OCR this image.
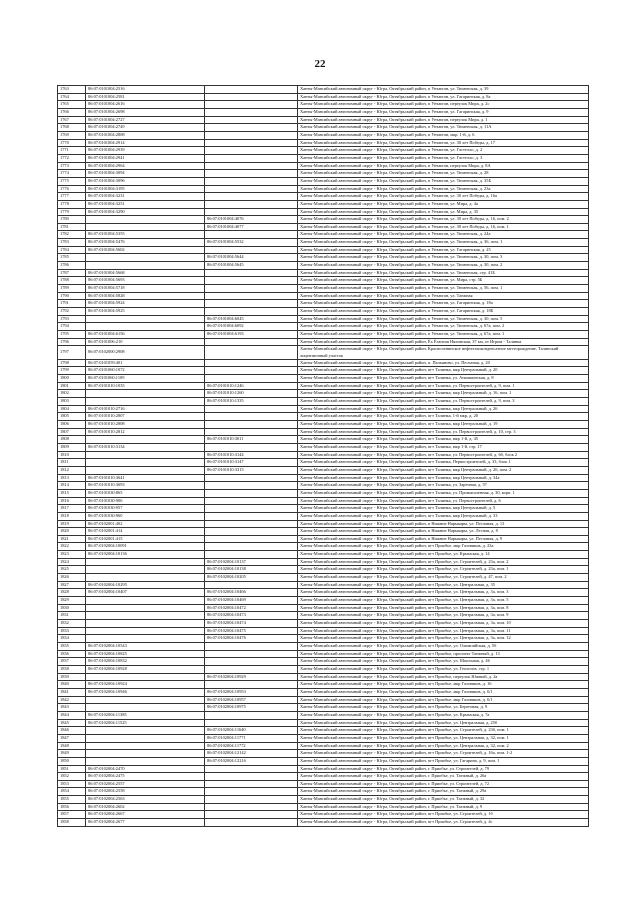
22
1763	86:07:0101004:2516		Ханты-Мансийский автономный округ - Югра, Октябрьский район, п Унъюган, ул. Тюменская, д. 39
1764	86:07:0101004:2581		Ханты-Мансийский автономный округ - Югра, Октябрьский район, п Унъюган, ул. Гагаринская, д. 8а
1765	86:07:0101004:2616		Ханты-Мансийский автономный округ - Югра, Октябрьский район, п Унъюган, переулок Мира, д. 2с
1766	86:07:0101004:2698		Ханты-Мансийский автономный округ - Югра, Октябрьский район, п Унъюган, ул. Гагаринская, д. 9
1767	86:07:0101004:2727		Ханты-Мансийский автономный округ - Югра, Октябрьский район, п Унъюган, переулок Мира, д. 1
1768	86:07:0101004:2749		Ханты-Мансийский автономный округ - Югра, Октябрьский район, п Унъюган, ул. Тюменская, д. 11А
1769	86:07:0101004:2808		Ханты-Мансийский автономный округ - Югра, Октябрьский район, п Унъюган, мкр. 1-й, д. 6
1770	86:07:0101004:2914		Ханты-Мансийский автономный округ - Югра, Октябрьский район, п Унъюган, ул. 30 лет Победы, д. 17
1771	86:07:0101004:2939		Ханты-Мансийский автономный округ - Югра, Октябрьский район, п Унъюган, ул. Гастелло, д. 2
1772	86:07:0101004:2941		Ханты-Мансийский автономный округ - Югра, Октябрьский район, п Унъюган, ул. Гастелло, д. 3
1773	86:07:0101004:2964		Ханты-Мансийский автономный округ - Югра, Октябрьский район, п Унъюган, переулок Мира, д. 8А
1774	86:07:0101004:3094		Ханты-Мансийский автономный округ - Югра, Октябрьский район, п Унъюган, ул. Тюменская, д. 28
1775	86:07:0101004:3096		Ханты-Мансийский автономный округ - Югра, Октябрьский район, п Унъюган, ул. Тюменская, д. 35Б
1776	86:07:0101004:3195		Ханты-Мансийский автономный округ - Югра, Октябрьский район, п Унъюган, ул. Тюменская, д. 23а
1777	86:07:0101004:3231		Ханты-Мансийский автономный округ - Югра, Октябрьский район, п Унъюган, ул. 30 лет Победы, д. 16а
1778	86:07:0101004:3251		Ханты-Мансийский автономный округ - Югра, Октябрьский район, п Унъюган, ул. Мира, д. 4а
1779	86:07:0101004:3290		Ханты-Мансийский автономный округ - Югра, Октябрьский район, п Унъюган, ул. Мира, д. 35
1780		86:07:0101004:4076	Ханты-Мансийский автономный округ - Югра, Октябрьский район, п Унъюган, ул. 30 лет Победы, д. 16, пом. 2
1781		86:07:0101004:4077	Ханты-Мансийский автономный округ - Югра, Октябрьский район, п Унъюган, ул. 30 лет Победы, д. 16, пом. 1
1782	86:07:0101004:5355		Ханты-Мансийский автономный округ - Югра, Октябрьский район, п Унъюган, ул. Тюменская, д. 24а
1783	86:07:0101004:5476	86:07:0101004:5532	Ханты-Мансийский автономный округ - Югра, Октябрьский район, п Унъюган, ул. Тюменская, д. 36, пом. 1
1784	86:07:0101004:5602		Ханты-Мансийский автономный округ - Югра, Октябрьский район, п Унъюган, ул. Гагаринская, д. 25
1785		86:07:0101004:5644	Ханты-Мансийский автономный округ - Югра, Октябрьский район, п Унъюган, ул. Тюменская, д. 30, пом. 3
1786		86:07:0101004:5645	Ханты-Мансийский автономный округ - Югра, Октябрьский район, п Унъюган, ул. Тюменская, д. 30, пом. 2
1787	86:07:0101004:5668		Ханты-Мансийский автономный округ - Югра, Октябрьский район, п Унъюган, ул. Тюменская, стр. 41Б
1788	86:07:0101004:5693		Ханты-Мансийский автономный округ - Югра, Октябрьский район, п Унъюган, ул. Мира, стр. 5Б
1789	86:07:0101004:5718		Ханты-Мансийский автономный округ - Югра, Октябрьский район, п Унъюган, ул. Тюменская, д. 56, пом. 1
1790	86:07:0101004:5828		Ханты-Мансийский автономный округ - Югра, Октябрьский район, п Унъюган, ул. Таежная
1791	86:07:0101004:5924		Ханты-Мансийский автономный округ - Югра, Октябрьский район, п Унъюган, ул. Гагаринская, д. 18а
1792	86:07:0101004:5925		Ханты-Мансийский автономный округ - Югра, Октябрьский район, п Унъюган, ул. Гагаринская, д. 18Б
1793		86:07:0101004:6045	Ханты-Мансийский автономный округ - Югра, Октябрьский район, п Унъюган, ул. Тюменская, д. 30, пом. 5
1794		86:07:0101004:6092	Ханты-Мансийский автономный округ - Югра, Октябрьский район, п Унъюган, ул. Тюменская, д. 67а, пом. 2
1795	86:07:0101004:6156	86:07:0101004:6193	Ханты-Мансийский автономный округ - Югра, Октябрьский район, п Унъюган, ул. Тюменская, д. 67а, пом. 1
1796	86:07:0101006:210		Ханты-Мансийский автономный округ - Югра, Октябрьский район, Ёх Ёгангия Нялинская, 37 км, от Игрим - Талинка
1797	86:07:0102000:2908		Ханты-Мансийский автономный округ - Югра, Октябрьский район, Красноленинское нефтегазоконденсатное месторождение, Талинский лицензионный участок
1798	86:07:0101059:401		Ханты-Мансийский автономный округ - Югра, Октябрьский район, п. Пальяново, ул. Песчаная, д. 20
1799	86:07:0101060:1072		Ханты-Мансийский автономный округ - Югра, Октябрьский район, пгт Талинка, мкр Центральный, д. 20
1800	86:07:0101060:1109		Ханты-Мансийский автономный округ - Югра, Октябрьский район, пгт Талинка, ул. Анашкинская, д. 8
1801	86:07:0101010:1035	86:07:0101010:1246	Ханты-Мансийский автономный округ - Югра, Октябрьский район, пгт Талинка, ул. Первостроителей, д. 9, пом. 1
1802		86:07:0101010:1260	Ханты-Мансийский автономный округ - Югра, Октябрьский район, пгт Талинка, мкр Центральный, д. 16, пом. 1
1803		86:07:0101010:1335	Ханты-Мансийский автономный округ - Югра, Октябрьский район, пгт Талинка, ул. Первостроителей, д. 9, пом. 3
1804	86:07:0101010:2716		Ханты-Мансийский автономный округ - Югра, Октябрьский район, пгт Талинка, мкр Центральный, д. 26
1805	86:07:0101010:2807		Ханты-Мансийский автономный округ - Югра, Октябрьский район, пгт Талинка, 1-й мкр, д. 20
1806	86:07:0101010:2808		Ханты-Мансийский автономный округ - Югра, Октябрьский район, пгт Талинка, мкр Центральный, д. 19
1807	86:07:0101010:2812		Ханты-Мансийский автономный округ - Югра, Октябрьский район, пгт Талинка, ул. Первостроителей, д. 10, стр. 3
1808		86:07:0101010:3011	Ханты-Мансийский автономный округ - Югра, Октябрьский район, пгт Талинка, мкр 1-й, д. 45
1809	86:07:0101010:3134		Ханты-Мансийский автономный округ - Югра, Октябрьский район, пгт Талинка, мкр 1-й, стр. 17
1810		86:07:0101010:3144	Ханты-Мансийский автономный округ - Югра, Октябрьский район, пгт Талинка, ул. Первостроителей, д. 6б, блок 2
1811		86:07:0101010:3147	Ханты-Мансийский автономный округ - Югра, Октябрьский район, пгт Талинка, Первостроителей, д. 33, блок 1
1812		86:07:0101010:3315	Ханты-Мансийский автономный округ - Югра, Октябрьский район, пгт Талинка, мкр Центральный, д. 26, пом. 2
1813	86:07:0101010:3641		Ханты-Мансийский автономный округ - Югра, Октябрьский район, пгт Талинка, мкр Центральный, д. 34а
1814	86:07:0101010:3693		Ханты-Мансийский автономный округ - Югра, Октябрьский район, пгт Талинка, ул. Заречная, д. 57
1815	86:07:0101030:865		Ханты-Мансийский автономный округ - Югра, Октябрьский район, пгт Талинка, ул. Промышленная, д. 30, корп. 1
1816	86:07:0101030:906		Ханты-Мансийский автономный округ - Югра, Октябрьский район, пгт Талинка, ул. Первостроителей, д. 6
1817	86:07:0101030:957		Ханты-Мансийский автономный округ - Югра, Октябрьский район, пгт Талинка, мкр Центральный, д. 5
1818	86:07:0101030:960		Ханты-Мансийский автономный округ - Югра, Октябрьский район, пгт Талинка, мкр Центральный, д. 33
1819	86:07:0102001:402		Ханты-Мансийский автономный округ - Югра, Октябрьский район, п Нижние Нарыкары, ул. Песчаная, д. 13
1820	86:07:0102001:414		Ханты-Мансийский автономный округ - Югра, Октябрьский район, п Нижние Нарыкары, ул. Лесная, д. 8
1821	86:07:0102001:415		Ханты-Мансийский автономный округ - Югра, Октябрьский район, п Нижние Нарыкары, ул. Песчаная, д. 9
1822	86:07:0102004:10091		Ханты-Мансийский автономный округ - Югра, Октябрьский район, пгт Приобье, мкр Газовиков, д. 23а
1823	86:07:0102004:10136		Ханты-Мансийский автономный округ - Югра, Октябрьский район, пгт Приобье, ул. Крымская, д. 14
1824		86:07:0102004:10137	Ханты-Мансийский автономный округ - Югра, Октябрьский район, пгт Приобье, ул. Строителей, д. 23а, пом. 2
1825		86:07:0102004:10138	Ханты-Мансийский автономный округ - Югра, Октябрьский район, пгт Приобье, ул. Строителей, д. 23а, пом. 1
1826		86:07:0102004:10205	Ханты-Мансийский автономный округ - Югра, Октябрьский район, пгт Приобье, ул. Строителей, д. 47, пом. 2
1827	86:07:0102004:10295		Ханты-Мансийский автономный округ - Югра, Октябрьский район, пгт Приобье, ул. Центральная, д. 35
1828	86:07:0102004:10407	86:07:0102004:10466	Ханты-Мансийский автономный округ - Югра, Октябрьский район, пгт Приобье, ул. Центральная, д. 3а, пом. 3
1829		86:07:0102004:10469	Ханты-Мансийский автономный округ - Югра, Октябрьский район, пгт Приобье, ул. Центральная, д. 3а, пом. 5
1830		86:07:0102004:10472	Ханты-Мансийский автономный округ - Югра, Октябрьский район, пгт Приобье, ул. Центральная, д. 3а, пом. 8
1831		86:07:0102004:10473	Ханты-Мансийский автономный округ - Югра, Октябрьский район, пгт Приобье, ул. Центральная, д. 3а, пом. 9
1832		86:07:0102004:10474	Ханты-Мансийский автономный округ - Югра, Октябрьский район, пгт Приобье, ул. Центральная, д. 3а, пом. 10
1833		86:07:0102004:10475	Ханты-Мансийский автономный округ - Югра, Октябрьский район, пгт Приобье, ул. Центральная, д. 3а, пом. 11
1834		86:07:0102004:10476	Ханты-Мансийский автономный округ - Югра, Октябрьский район, пгт Приобье, ул. Центральная, д. 3а, пом. 12
1835	86:07:0102004:10543		Ханты-Мансийский автономный округ - Югра, Октябрьский район, пгт Приобье, ул. Олимпийская, д. 5б
1836	86:07:0102004:10825		Ханты-Мансийский автономный округ - Югра, Октябрьский район, пгт Приобье, проспект Таежный, д. 13
1837	86:07:0102004:10832		Ханты-Мансийский автономный округ - Югра, Октябрьский район, пгт Приобье, ул. Школьная, д. 46
1838	86:07:0102004:10928		Ханты-Мансийский автономный округ - Югра, Октябрьский район, пгт Приобье, ул. Геологов, стр. 1
1839		86:07:0102004:10929	Ханты-Мансийский автономный округ - Югра, Октябрьский район, пгт Приобье, переулок Южный, д. 2а
1840	86:07:0102004:10924		Ханты-Мансийский автономный округ - Югра, Октябрьский район, пгт Приобье, мкр Газовиков, д. 16
1841	86:07:0102004:10946	86:07:0102004:10953	Ханты-Мансийский автономный округ - Югра, Октябрьский район, пгт Приобье, мкр Газовиков, д. 6/1
1842		86:07:0102004:10957	Ханты-Мансийский автономный округ - Югра, Октябрьский район, пгт Приобье, мкр Газовиков, д. 6/1
1843		86:07:0102004:10975	Ханты-Мансийский автономный округ - Югра, Октябрьский район, пгт Приобье, ул. Береговая, д. 9
1844	86:07:0102004:11385		Ханты-Мансийский автономный округ - Югра, Октябрьский район, пгт Приобье, ул. Крымская, д. 7а
1845	86:07:0102004:11525		Ханты-Мансийский автономный округ - Югра, Октябрьский район, пгт Приобье, ул. Центральная, д. 25б
1846		86:07:0102004:11640	Ханты-Мансийский автономный округ - Югра, Октябрьский район, пгт Приобье, ул. Строителей, д. 23б, пом. 1
1847		86:07:0102004:11771	Ханты-Мансийский автономный округ - Югра, Октябрьский район, пгт Приобье, ул. Центральная, д. 32, пом. 1
1848		86:07:0102004:11772	Ханты-Мансийский автономный округ - Югра, Октябрьский район, пгт Приобье, ул. Центральная, д. 32, пом. 2
1849		86:07:0102004:12142	Ханты-Мансийский автономный округ - Югра, Октябрьский район, пгт Приобье, ул. Строителей, д. 16а, пом. 1-2
1850		86:07:0102004:12216	Ханты-Мансийский автономный округ - Югра, Октябрьский район, пгт Приобье, ул. Гагарина, д. 9, пом. 1
1851	86:07:0102004:2470		Ханты-Мансийский автономный округ - Югра, Октябрьский район, г. Приобье, ул. Строителей, д. 79
1852	86:07:0102004:2475		Ханты-Мансийский автономный округ - Югра, Октябрьский район, г. Приобье, ул. Таежный, д. 26а
1853	86:07:0102004:2557		Ханты-Мансийский автономный округ - Югра, Октябрьский район, г. Приобье, ул. Строителей, д. 72
1854	86:07:0102004:2558		Ханты-Мансийский автономный округ - Югра, Октябрьский район, г. Приобье, ул. Таежный, д. 29а
1855	86:07:0102004:2563		Ханты-Мансийский автономный округ - Югра, Октябрьский район, г. Приобье, ул. Таежный, д. 32
1856	86:07:0102004:2602		Ханты-Мансийский автономный округ - Югра, Октябрьский район, г. Приобье, ул. Таежный, д. 9
1857	86:07:0102004:2667		Ханты-Мансийский автономный округ - Югра, Октябрьский район, пгт Приобье, ул. Строителей, д. 1б
1858	86:07:0102004:2677		Ханты-Мансийский автономный округ - Югра, Октябрьский район, пгт Приобье, ул. Строителей, д. 4г
